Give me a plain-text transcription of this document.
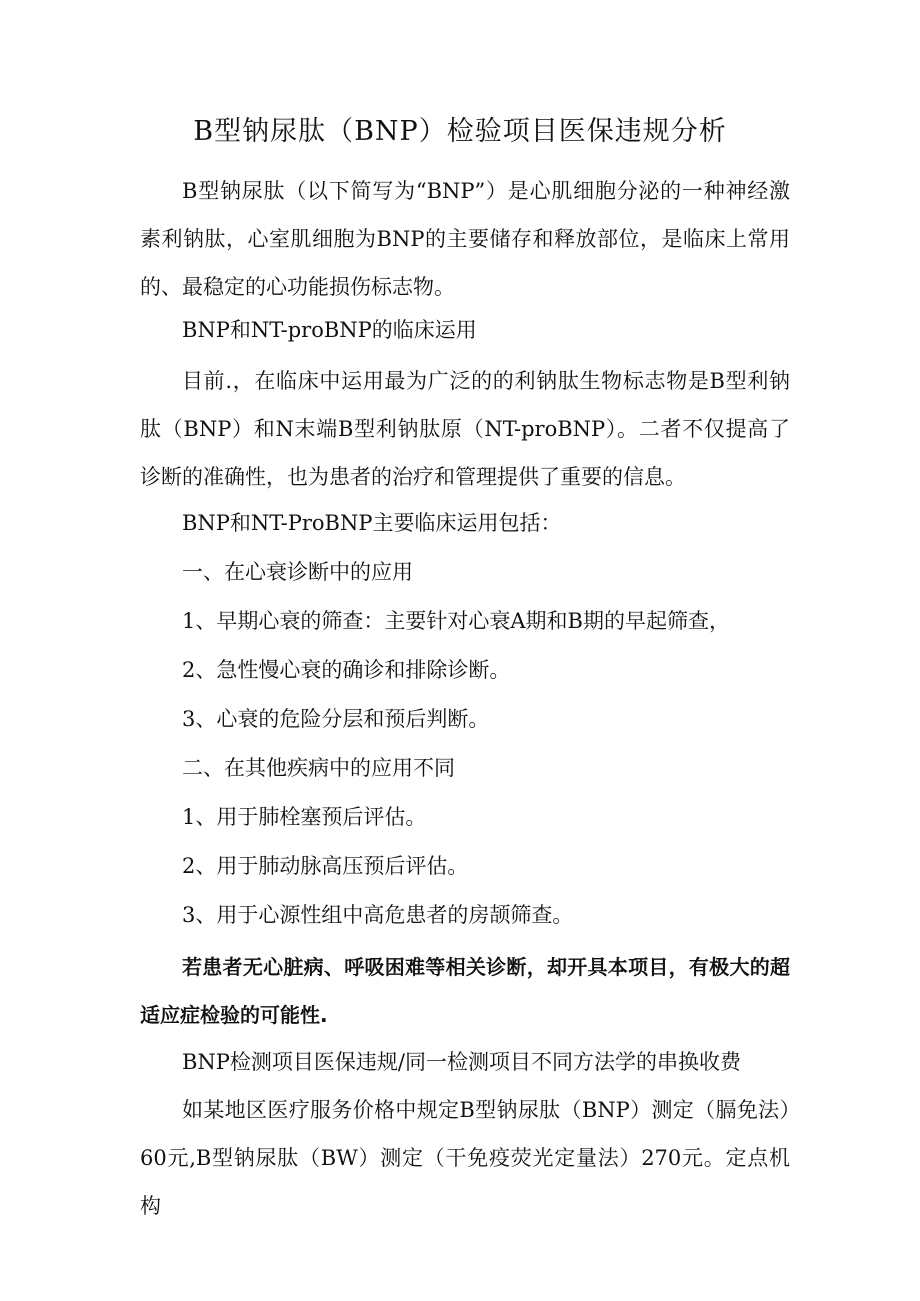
B型钠尿肽（BNP）检验项目医保违规分析

B型钠尿肽（以下简写为“BNP”）是心肌细胞分泌的一种神经激素利钠肽，心室肌细胞为BNP的主要储存和释放部位，是临床上常用的、最稳定的心功能损伤标志物。

BNP和NT-proBNP的临床运用

目前.，在临床中运用最为广泛的的利钠肽生物标志物是B型利钠肽（BNP）和N末端B型利钠肽原（NT-proBNP）。二者不仅提高了诊断的准确性，也为患者的治疗和管理提供了重要的信息。

BNP和NT-ProBNP主要临床运用包括：

一、在心衰诊断中的应用

1、早期心衰的筛查：主要针对心衰A期和B期的早起筛查，

2、急性慢心衰的确诊和排除诊断。

3、心衰的危险分层和预后判断。

二、在其他疾病中的应用不同

1、用于肺栓塞预后评估。

2、用于肺动脉高压预后评估。

3、用于心源性组中高危患者的房颉筛查。

若患者无心脏病、呼吸困难等相关诊断，却开具本项目，有极大的超适应症检验的可能性.

BNP检测项目医保违规/同一检测项目不同方法学的串换收费

如某地区医疗服务价格中规定B型钠尿肽（BNP）测定（膈免法）60元,B型钠尿肽（BW）测定（干免疫荧光定量法）270元。定点机构
